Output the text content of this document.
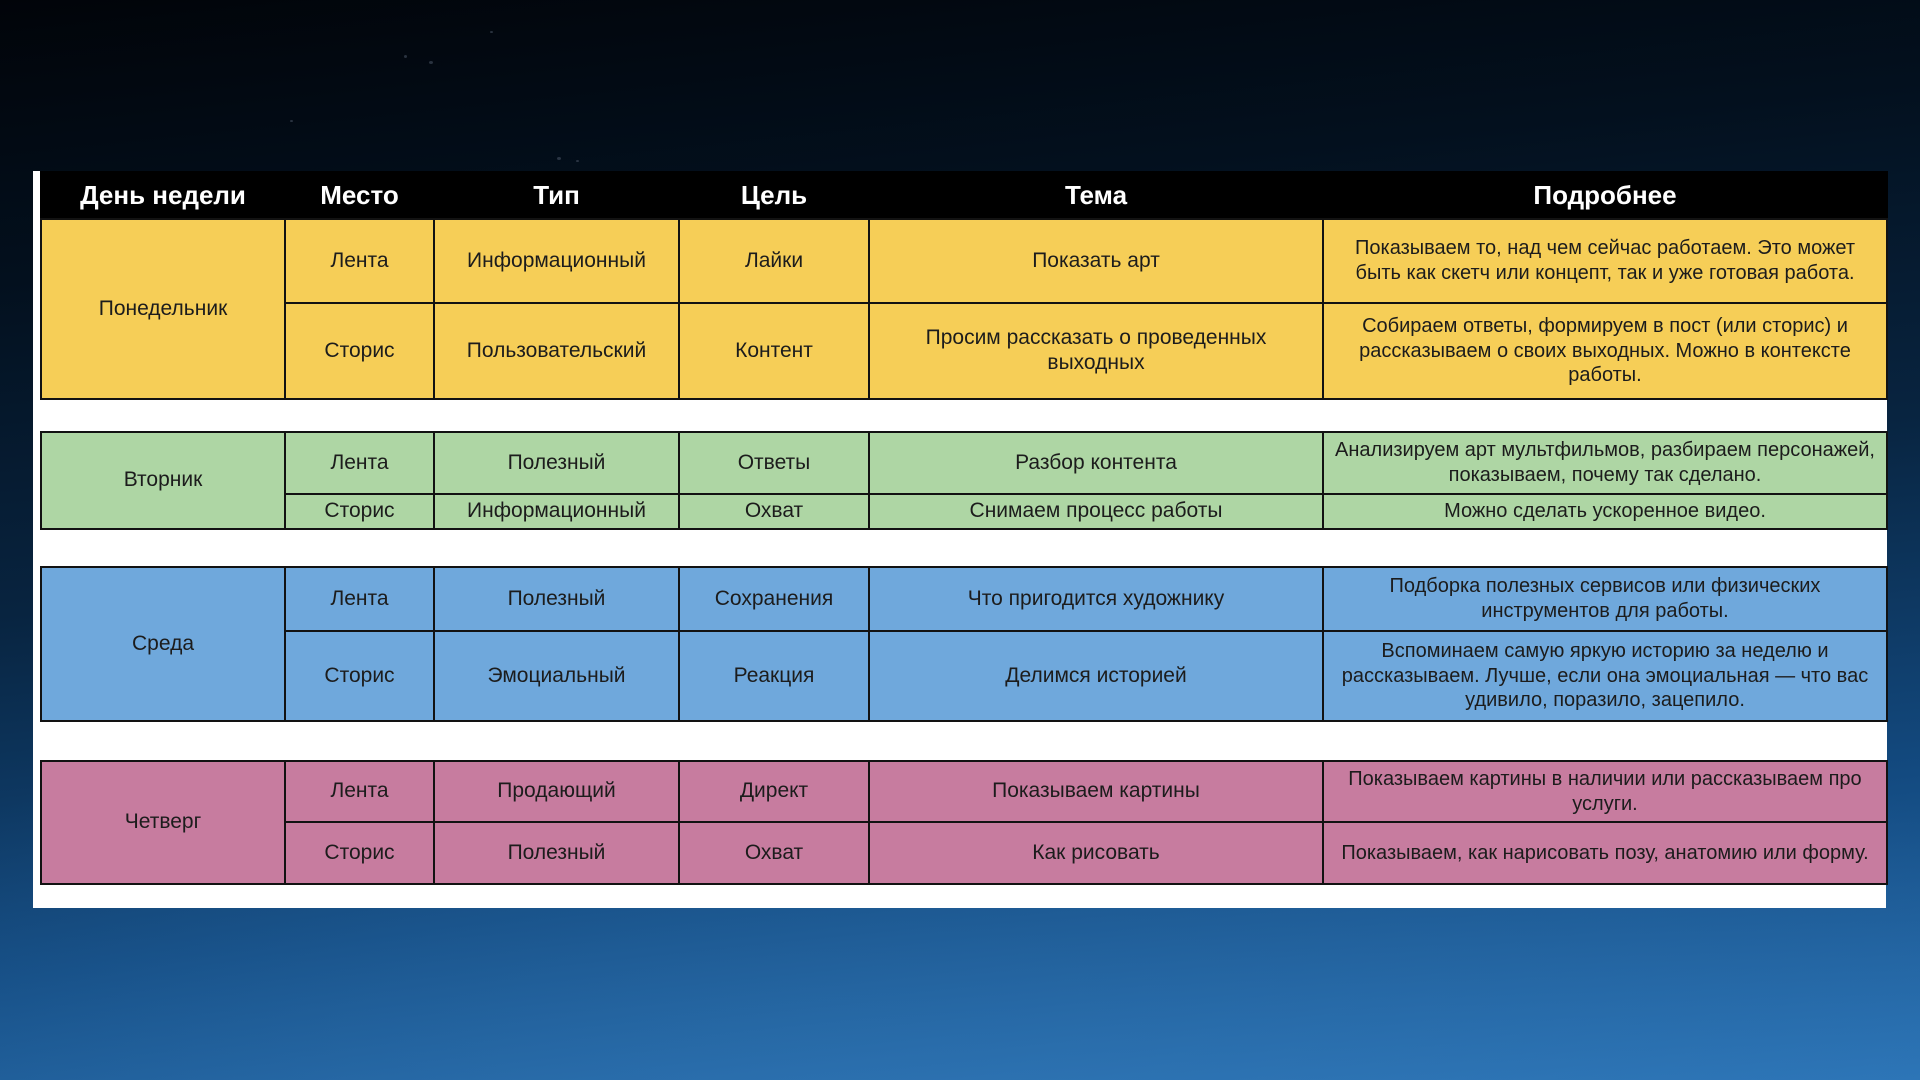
День недели	Место	Тип	Цель	Тема	Подробнее
Понедельник	Лента	Информационный	Лайки	Показать арт	Показываем то, над чем сейчас работаем. Это может быть как скетч или концепт, так и уже готовая работа.
	Сторис	Пользовательский	Контент	Просим рассказать о проведенных выходных	Собираем ответы, формируем в пост (или сторис) и рассказываем о своих выходных. Можно в контексте работы.

Вторник	Лента	Полезный	Ответы	Разбор контента	Анализируем арт мультфильмов, разбираем персонажей, показываем, почему так сделано.
	Сторис	Информационный	Охват	Снимаем процесс работы	Можно сделать ускоренное видео.

Среда	Лента	Полезный	Сохранения	Что пригодится художнику	Подборка полезных сервисов или физических инструментов для работы.
	Сторис	Эмоциальный	Реакция	Делимся историей	Вспоминаем самую яркую историю за неделю и рассказываем. Лучше, если она эмоциальная — что вас удивило, поразило, зацепило.

Четверг	Лента	Продающий	Директ	Показываем картины	Показываем картины в наличии или рассказываем про услуги.
	Сторис	Полезный	Охват	Как рисовать	Показываем, как нарисовать позу, анатомию или форму.
